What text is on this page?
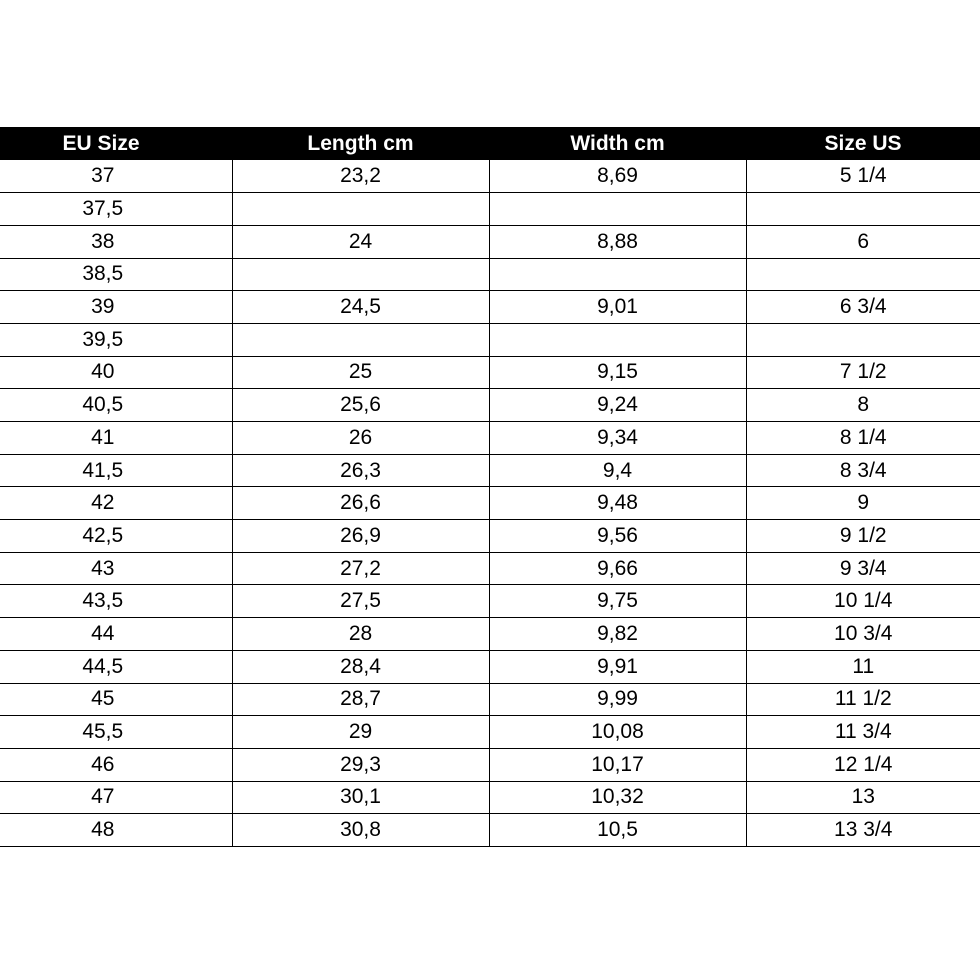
EU Size	Length cm	Width cm	Size US
37	23,2	8,69	5 1/4
37,5			
38	24	8,88	6
38,5			
39	24,5	9,01	6 3/4
39,5			
40	25	9,15	7 1/2
40,5	25,6	9,24	8
41	26	9,34	8 1/4
41,5	26,3	9,4	8 3/4
42	26,6	9,48	9
42,5	26,9	9,56	9 1/2
43	27,2	9,66	9 3/4
43,5	27,5	9,75	10 1/4
44	28	9,82	10 3/4
44,5	28,4	9,91	11
45	28,7	9,99	11 1/2
45,5	29	10,08	11 3/4
46	29,3	10,17	12 1/4
47	30,1	10,32	13
48	30,8	10,5	13 3/4
